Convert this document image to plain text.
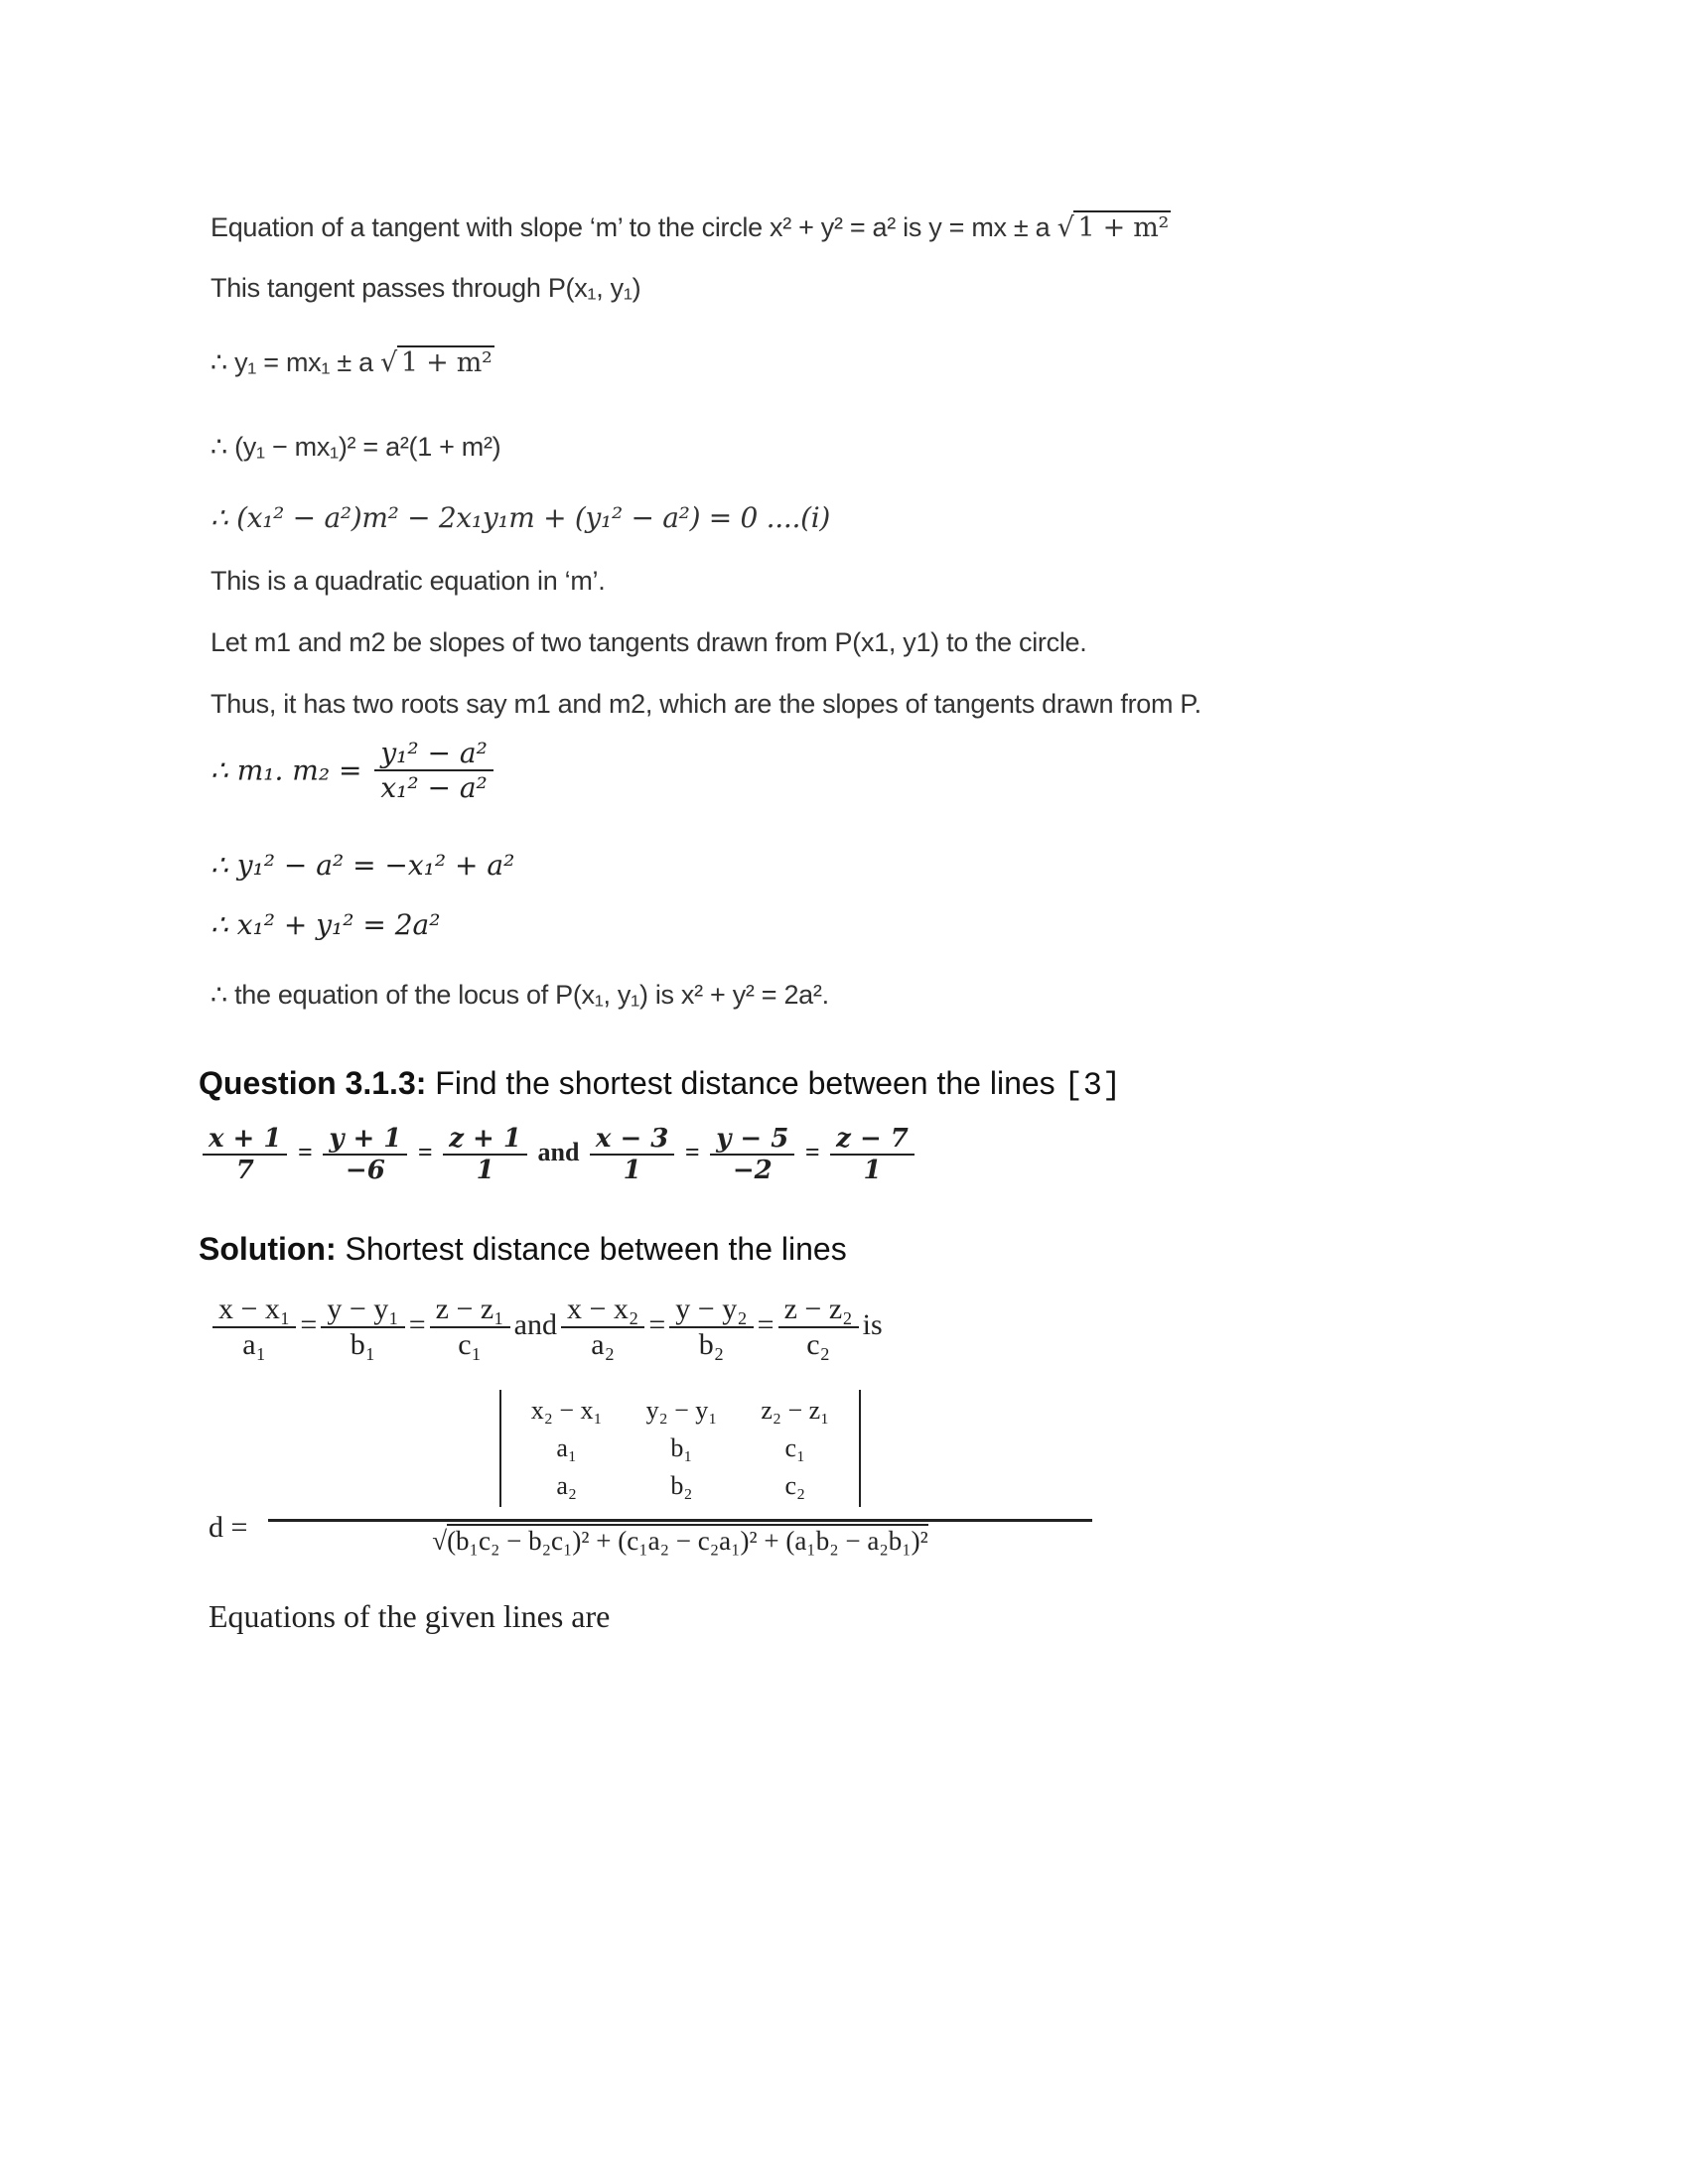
Equation of a tangent with slope ‘m’ to the circle x² + y² = a² is y = mx ± a √ 1 + m²
This tangent passes through P(x₁, y₁)
∴ y₁ = mx₁ ± a √ 1 + m²
∴ (y₁ − mx₁)² = a²(1 + m²)
∴ (x₁² − a²)m² − 2x₁y₁m + (y₁² − a²) = 0 ....(i)
This is a quadratic equation in ‘m’.
Let m1 and m2 be slopes of two tangents drawn from P(x1, y1) to the circle.
Thus, it has two roots say m1 and m2, which are the slopes of tangents drawn from P.
∴ m₁. $m_2 = \frac{\text{y₁² − a²}}{\text{x₁² − a²}}$
∴ y₁² − a² = −x₁² + a²
∴ x₁² + y₁² = 2a²
∴ the equation of the locus of P(x₁, y₁) is x² + y² = 2a².
Question 3.1.3: Find the shortest distance between the lines [3]
$\frac{x + 1}{7} = \frac{y + 1}{-6} = \frac{z + 1}{1}$ and $\frac{x - 3}{1} = \frac{y - 5}{-2} = \frac{z - 7}{1}$
Solution: Shortest distance between the lines
$\frac{\text{x − x₁}}{\text{a₁}} = \frac{\text{y − y₁}}{\text{b₁}} = \frac{\text{z − z₁}}{\text{c₁}}$ and $\frac{\text{x − x₂}}{\text{a₂}} = \frac{\text{y − y₂}}{\text{b₂}} = \frac{\text{z − z₂}}{\text{c₂}}$ is
d = x₂ − x₁	y₂ − y₁	z₂ − z₁
a₁	b₁	c₁
a₂	b₂	c₂
√(b₁c₂ − b₂c₁)² + (c₁a₂ − c₂a₁)² + (a₁b₂ − a₂b₁)²
Equations of the given lines are
